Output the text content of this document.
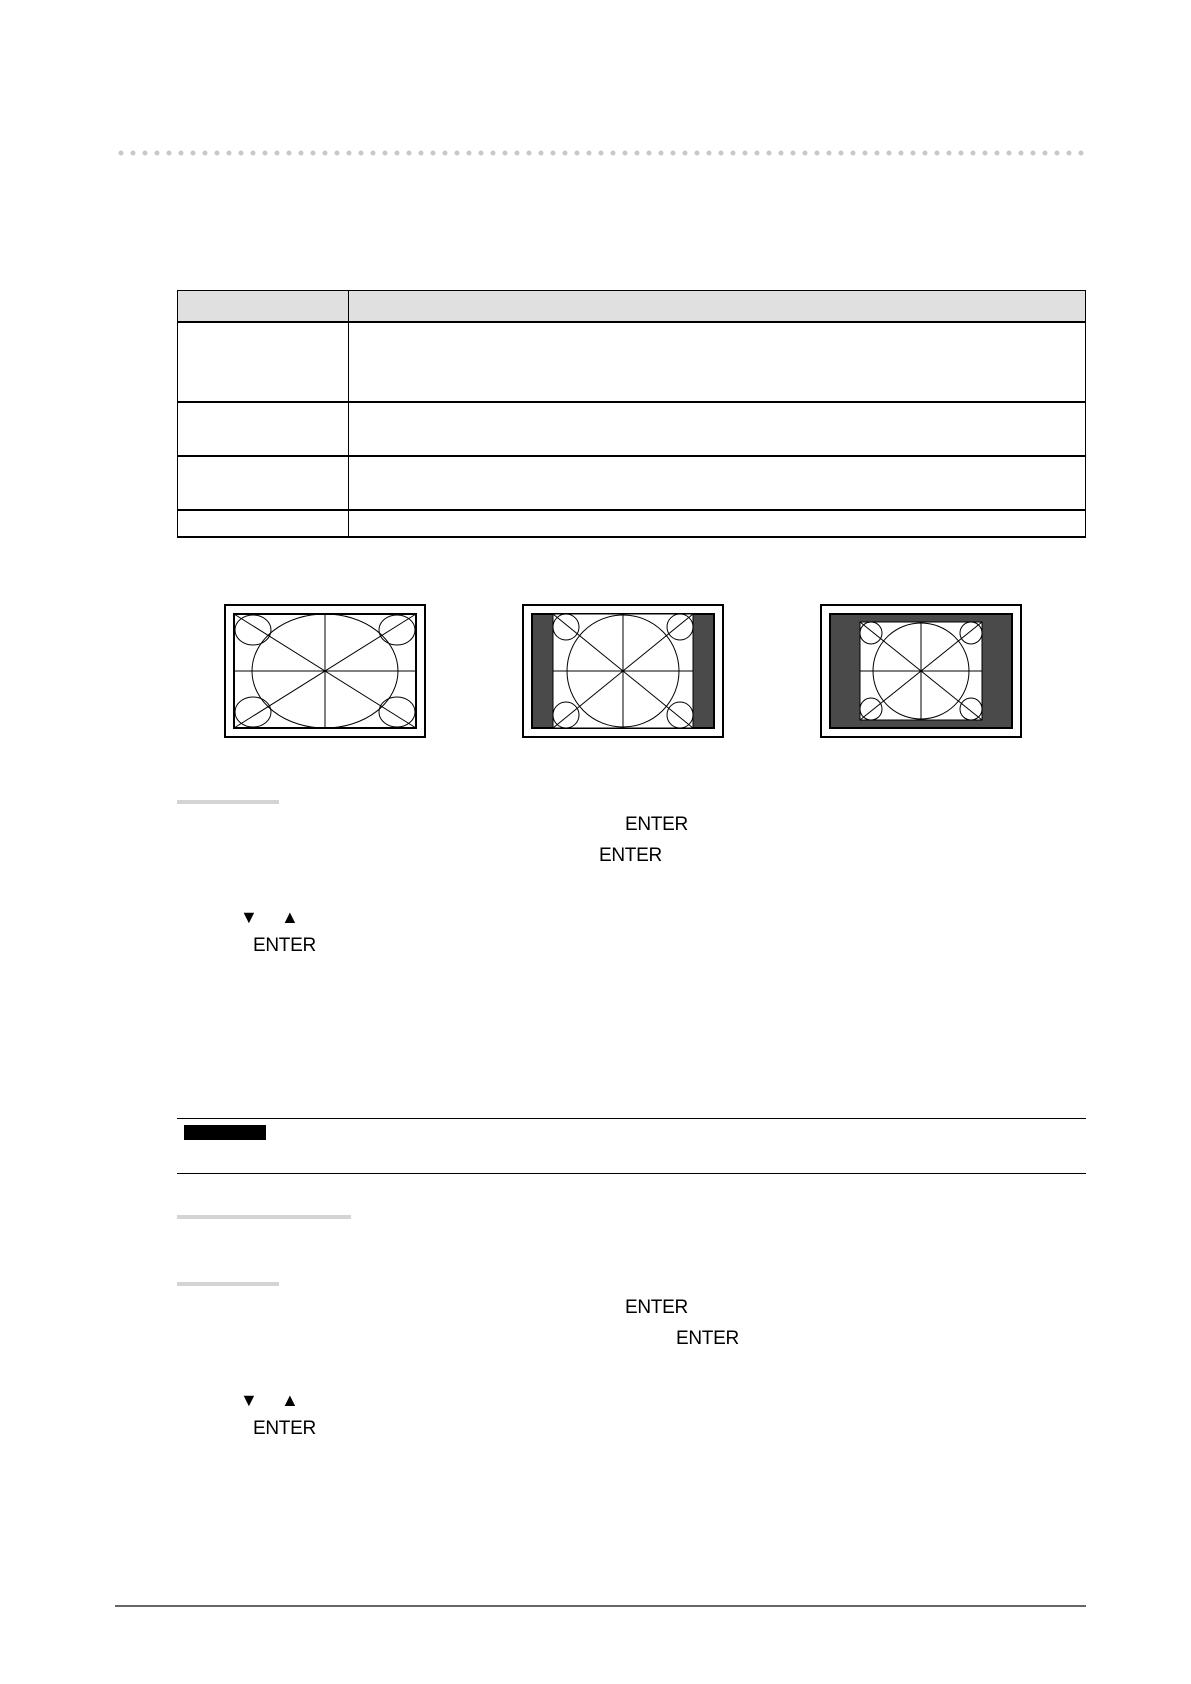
ENTER
ENTER
▼ ▲
ENTER
ENTER
ENTER
▼ ▲
ENTER
